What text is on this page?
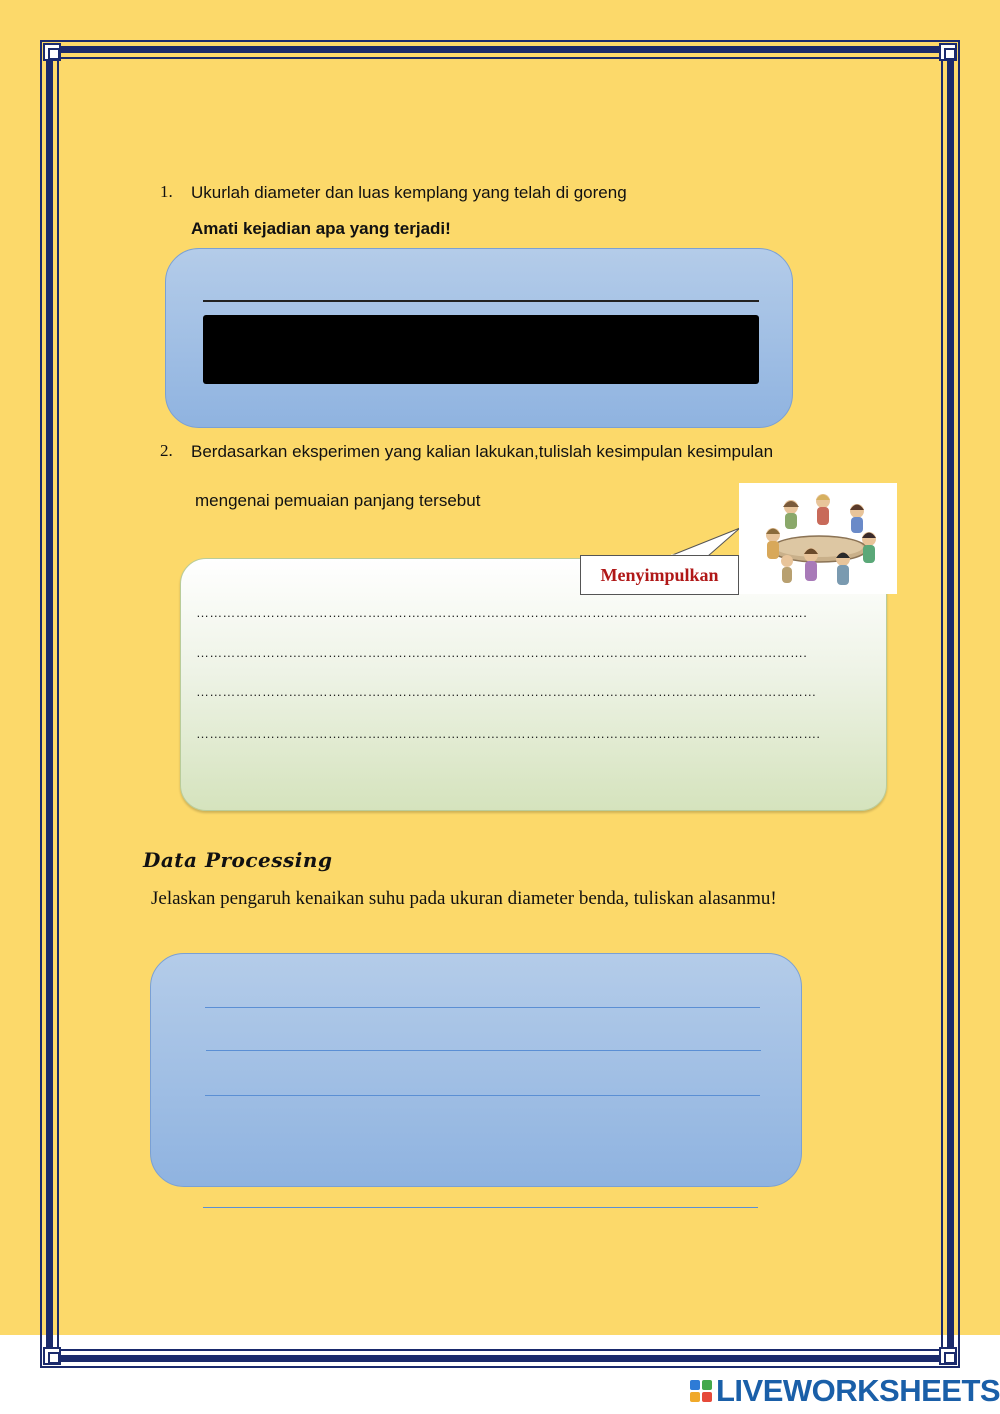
1. Ukurlah diameter dan luas kemplang yang telah di goreng
Amati kejadian apa yang terjadi!
2. Berdasarkan eksperimen yang kalian lakukan,tulislah kesimpulan kesimpulan
mengenai pemuaian panjang tersebut
………………………………………………………………………………………………………………………….
………………………………………………………………………………………………………………………….
……………………………………………………………………………………………………………………………
…………………………………………………………………………………………………………………………….
Menyimpulkan
Data Processing
Jelaskan pengaruh kenaikan suhu pada ukuran diameter benda, tuliskan alasanmu!
LIVEWORKSHEETS
